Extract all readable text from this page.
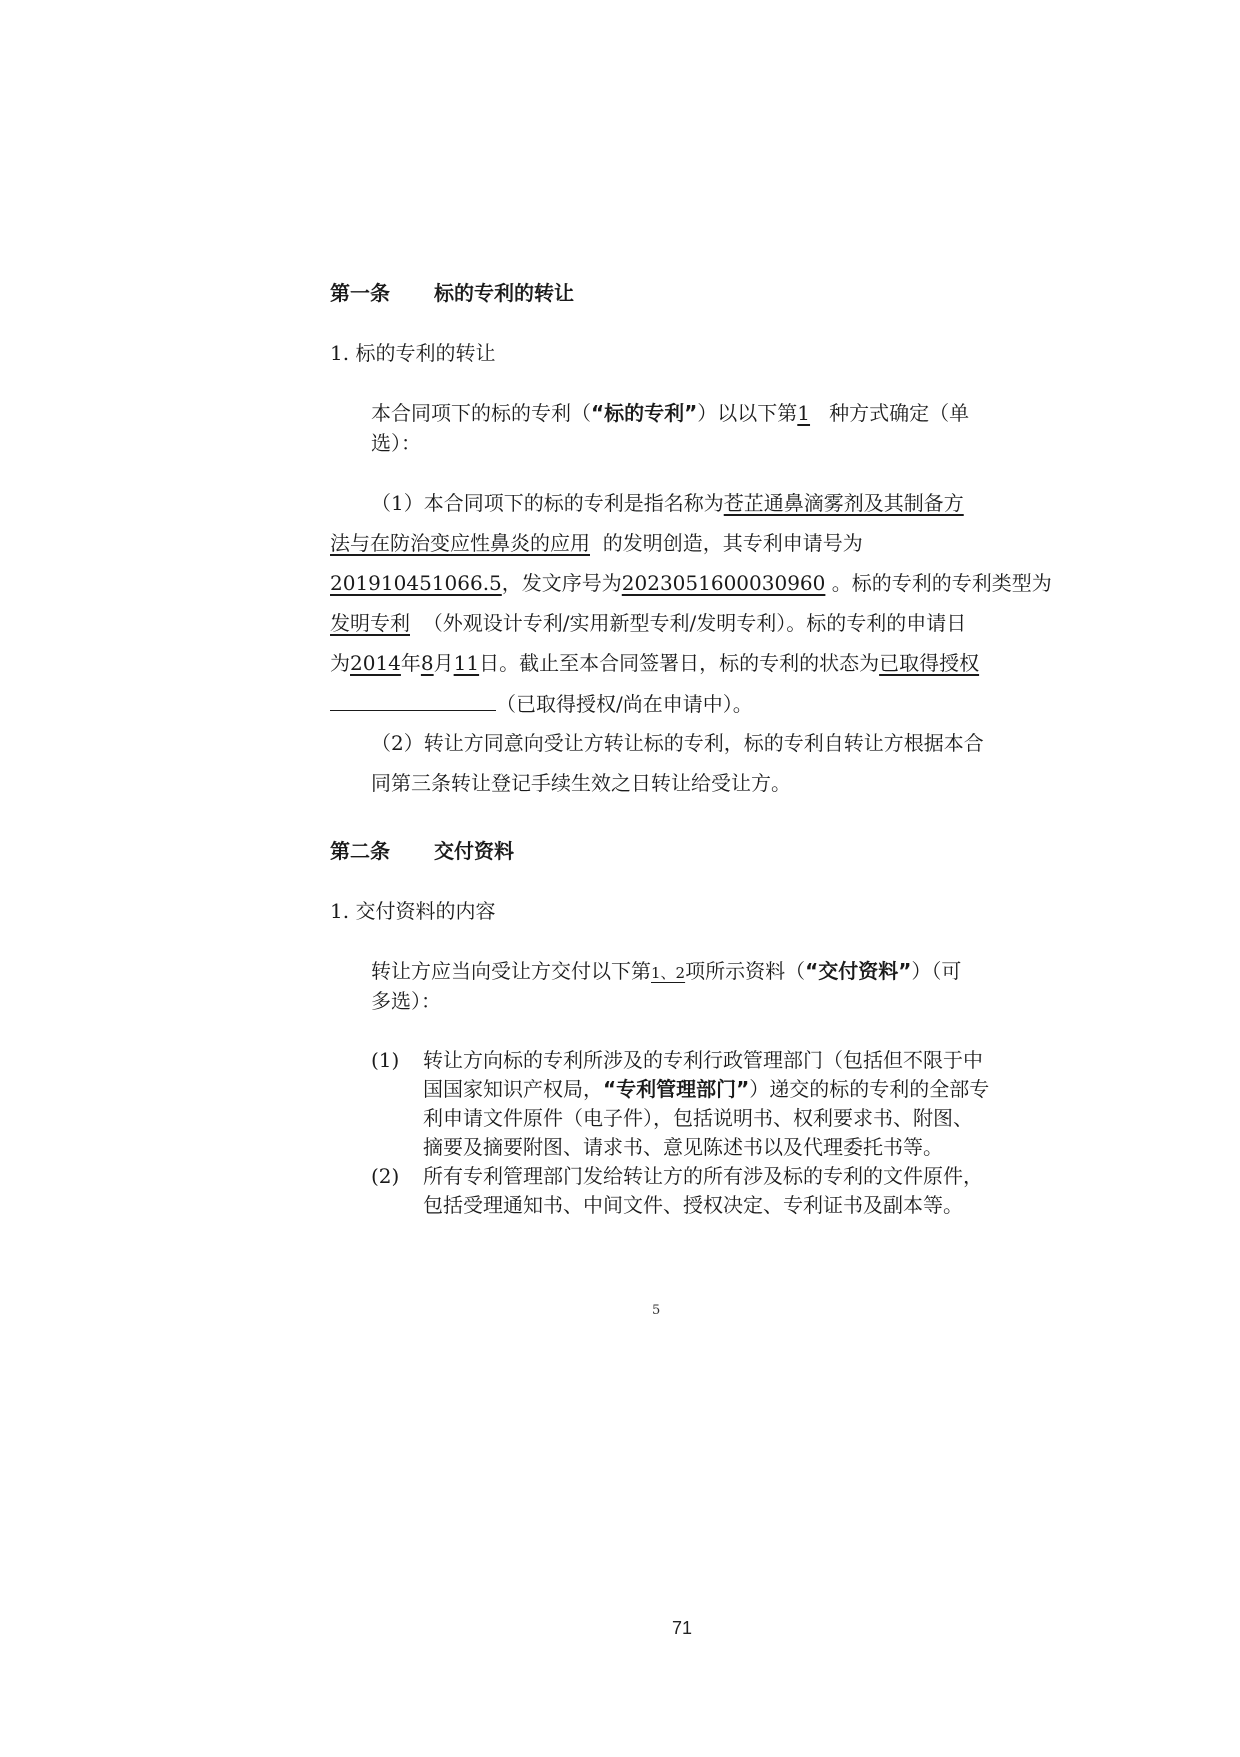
第一条 标的专利的转让
1. 标的专利的转让
本合同项下的标的专利（“标的专利”）以以下第1 种方式确定（单
选）：
（1）本合同项下的标的专利是指名称为苍芷通鼻滴雾剂及其制备方
法与在防治变应性鼻炎的应用 的发明创造，其专利申请号为
201910451066.5，发文序号为2023051600030960 。标的专利的专利类型为
发明专利 （外观设计专利/实用新型专利/发明专利）。标的专利的申请日
为2014年8月11日。截止至本合同签署日，标的专利的状态为已取得授权
（已取得授权/尚在申请中）。
（2）转让方同意向受让方转让标的专利，标的专利自转让方根据本合
同第三条转让登记手续生效之日转让给受让方。
第二条 交付资料
1. 交付资料的内容
转让方应当向受让方交付以下第1、2项所示资料（“交付资料”）（可
多选）：
(1) 转让方向标的专利所涉及的专利行政管理部门（包括但不限于中
国国家知识产权局，“专利管理部门”）递交的标的专利的全部专
利申请文件原件（电子件），包括说明书、权利要求书、附图、
摘要及摘要附图、请求书、意见陈述书以及代理委托书等。
(2) 所有专利管理部门发给转让方的所有涉及标的专利的文件原件，
包括受理通知书、中间文件、授权决定、专利证书及副本等。
5
71
